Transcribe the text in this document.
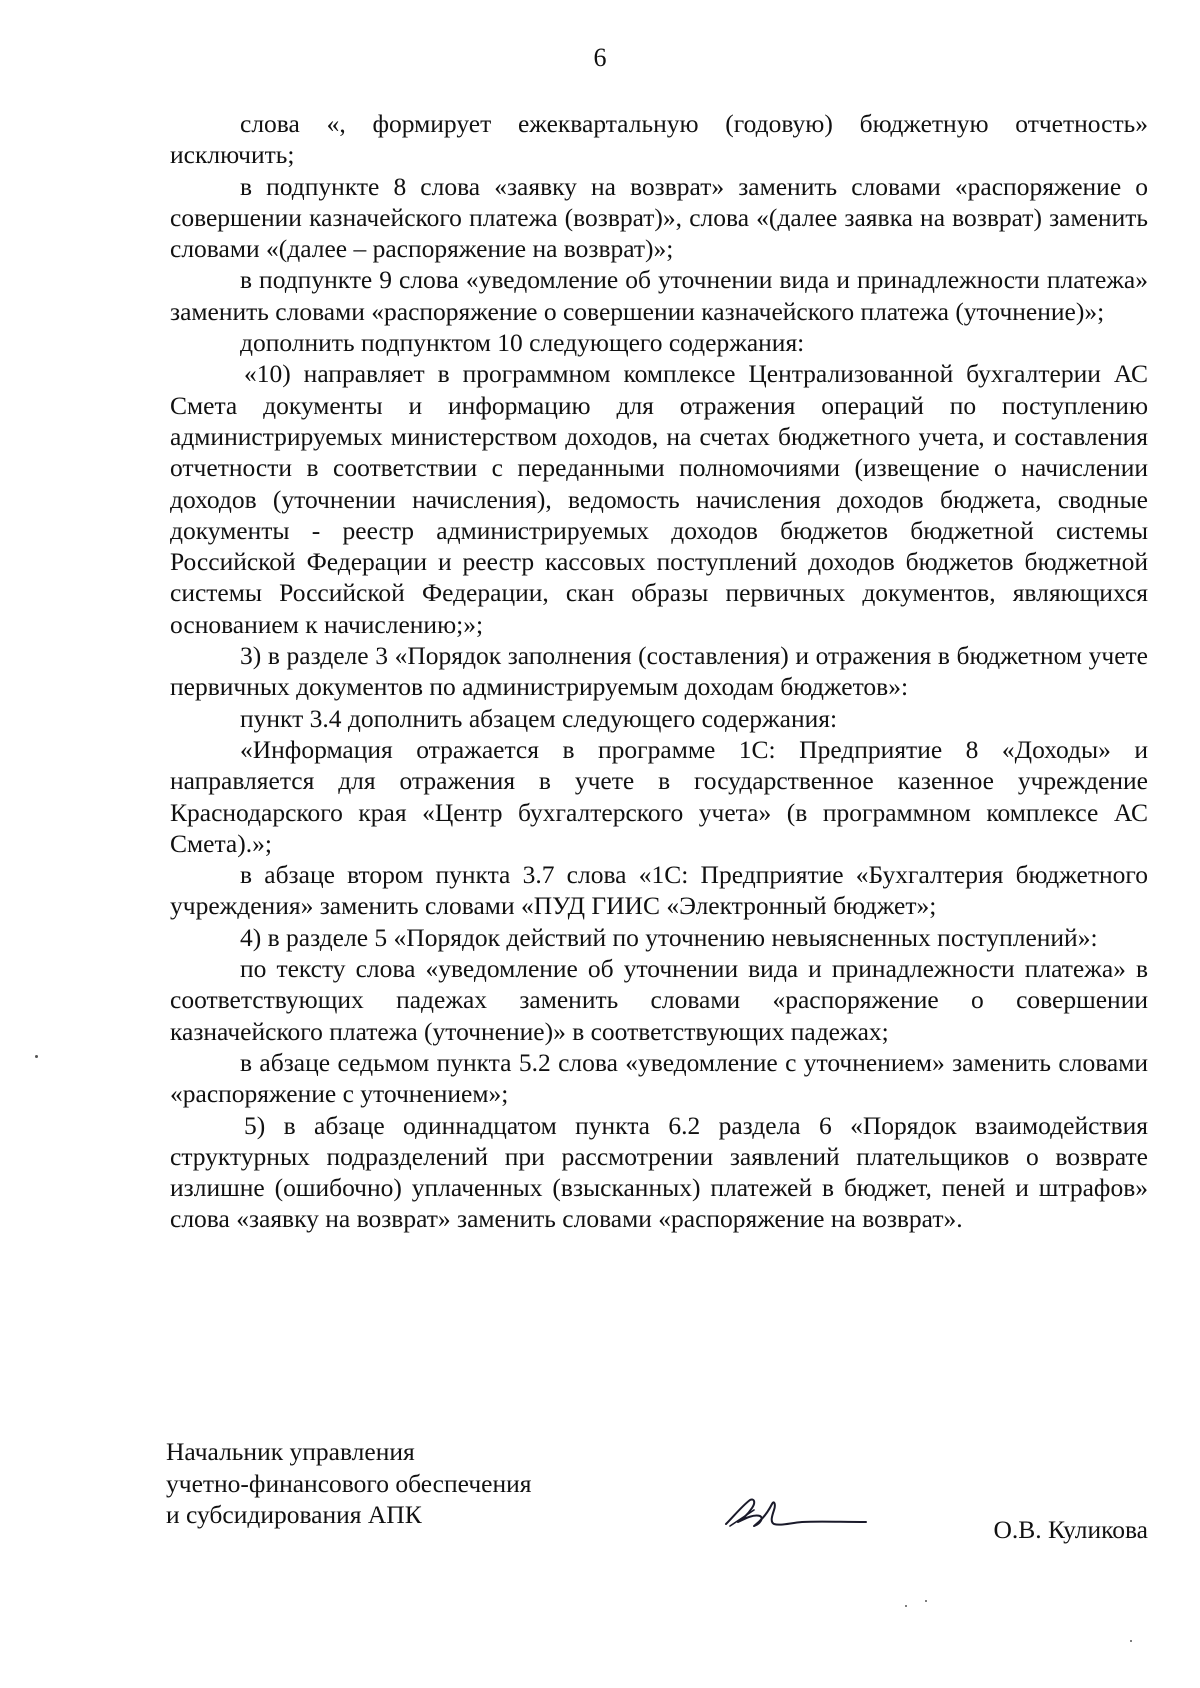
6

слова «, формирует ежеквартальную (годовую) бюджетную отчетность» исключить;

в подпункте 8 слова «заявку на возврат» заменить словами «распоряжение о совершении казначейского платежа (возврат)», слова «(далее заявка на возврат) заменить словами «(далее – распоряжение на возврат)»;

в подпункте 9 слова «уведомление об уточнении вида и принадлежности платежа» заменить словами «распоряжение о совершении казначейского платежа (уточнение)»;

дополнить подпунктом 10 следующего содержания:

«10) направляет в программном комплексе Централизованной бухгалтерии АС Смета документы и информацию для отражения операций по поступлению администрируемых министерством доходов, на счетах бюджетного учета, и составления отчетности в соответствии с переданными полномочиями (извещение о начислении доходов (уточнении начисления), ведомость начисления доходов бюджета, сводные документы - реестр администрируемых доходов бюджетов бюджетной системы Российской Федерации и реестр кассовых поступлений доходов бюджетов бюджетной системы Российской Федерации, скан образы первичных документов, являющихся основанием к начислению;»;

3) в разделе 3 «Порядок заполнения (составления) и отражения в бюджетном учете первичных документов по администрируемым доходам бюджетов»:

пункт 3.4 дополнить абзацем следующего содержания:

«Информация отражается в программе 1С: Предприятие 8 «Доходы» и направляется для отражения в учете в государственное казенное учреждение Краснодарского края «Центр бухгалтерского учета» (в программном комплексе АС Смета).»;

в абзаце втором пункта 3.7 слова «1С: Предприятие «Бухгалтерия бюджетного учреждения» заменить словами «ПУД ГИИС «Электронный бюджет»;

4) в разделе 5 «Порядок действий по уточнению невыясненных поступлений»:

по тексту слова «уведомление об уточнении вида и принадлежности платежа» в соответствующих падежах заменить словами «распоряжение о совершении казначейского платежа (уточнение)» в соответствующих падежах;

в абзаце седьмом пункта 5.2 слова «уведомление с уточнением» заменить словами «распоряжение с уточнением»;

5) в абзаце одиннадцатом пункта 6.2 раздела 6 «Порядок взаимодействия структурных подразделений при рассмотрении заявлений плательщиков о возврате излишне (ошибочно) уплаченных (взысканных) платежей в бюджет, пеней и штрафов» слова «заявку на возврат» заменить словами «распоряжение на возврат».

Начальник управления
учетно-финансового обеспечения
и субсидирования АПК
О.В. Куликова
